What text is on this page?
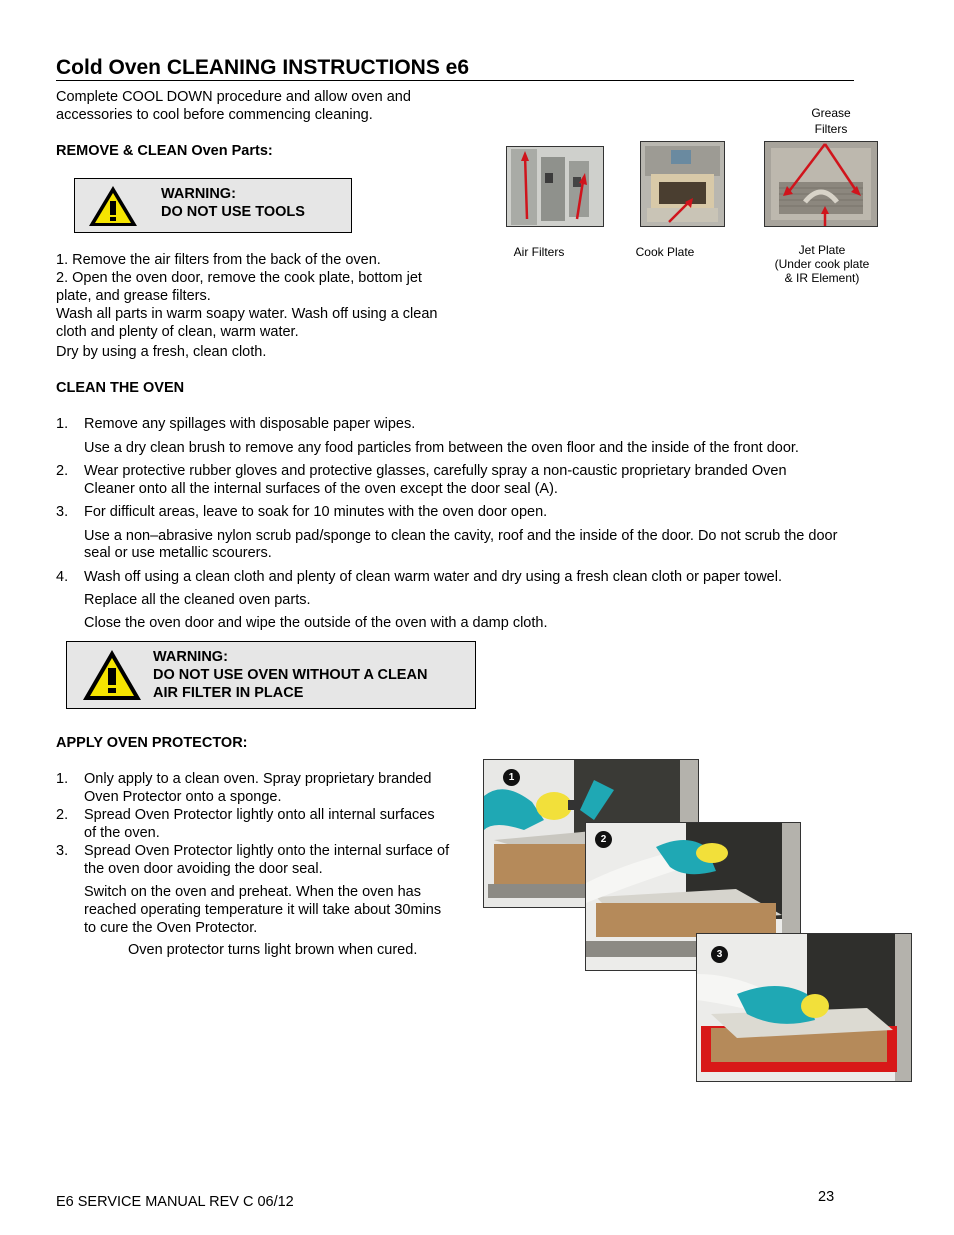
Cold Oven CLEANING INSTRUCTIONS e6
Complete COOL DOWN procedure and allow oven and
accessories to cool before commencing cleaning.
REMOVE & CLEAN Oven Parts:
WARNING:
DO NOT USE TOOLS
1. Remove the air filters from the back of the oven.
2. Open the oven door, remove the cook plate, bottom jet
plate, and grease filters.
Wash all parts in warm soapy water. Wash off using a clean
cloth and plenty of clean, warm water.
Dry by using a fresh, clean cloth.
Grease
Filters
Air Filters	Cook Plate	Jet Plate
(Under cook plate
& IR Element)
CLEAN THE OVEN
1. Remove any spillages with disposable paper wipes.
Use a dry clean brush to remove any food particles from between the oven floor and the inside of the front door.
2. Wear protective rubber gloves and protective glasses, carefully spray a non-caustic proprietary branded Oven
Cleaner onto all the internal surfaces of the oven except the door seal (A).
3. For difficult areas, leave to soak for 10 minutes with the oven door open.
Use a non–abrasive nylon scrub pad/sponge to clean the cavity, roof and the inside of the door. Do not scrub the door
seal or use metallic scourers.
4. Wash off using a clean cloth and plenty of clean warm water and dry using a fresh clean cloth or paper towel.
Replace all the cleaned oven parts.
Close the oven door and wipe the outside of the oven with a damp cloth.
WARNING:
DO NOT USE OVEN WITHOUT A CLEAN
AIR FILTER IN PLACE
APPLY OVEN PROTECTOR:
1. Only apply to a clean oven. Spray proprietary branded
Oven Protector onto a sponge.
2. Spread Oven Protector lightly onto all internal surfaces
of the oven.
3. Spread Oven Protector lightly onto the internal surface of
the oven door avoiding the door seal.
Switch on the oven and preheat. When the oven has
reached operating temperature it will take about 30mins
to cure the Oven Protector.
Oven protector turns light brown when cured.
1
2
3
E6 SERVICE MANUAL REV C 06/12	23
